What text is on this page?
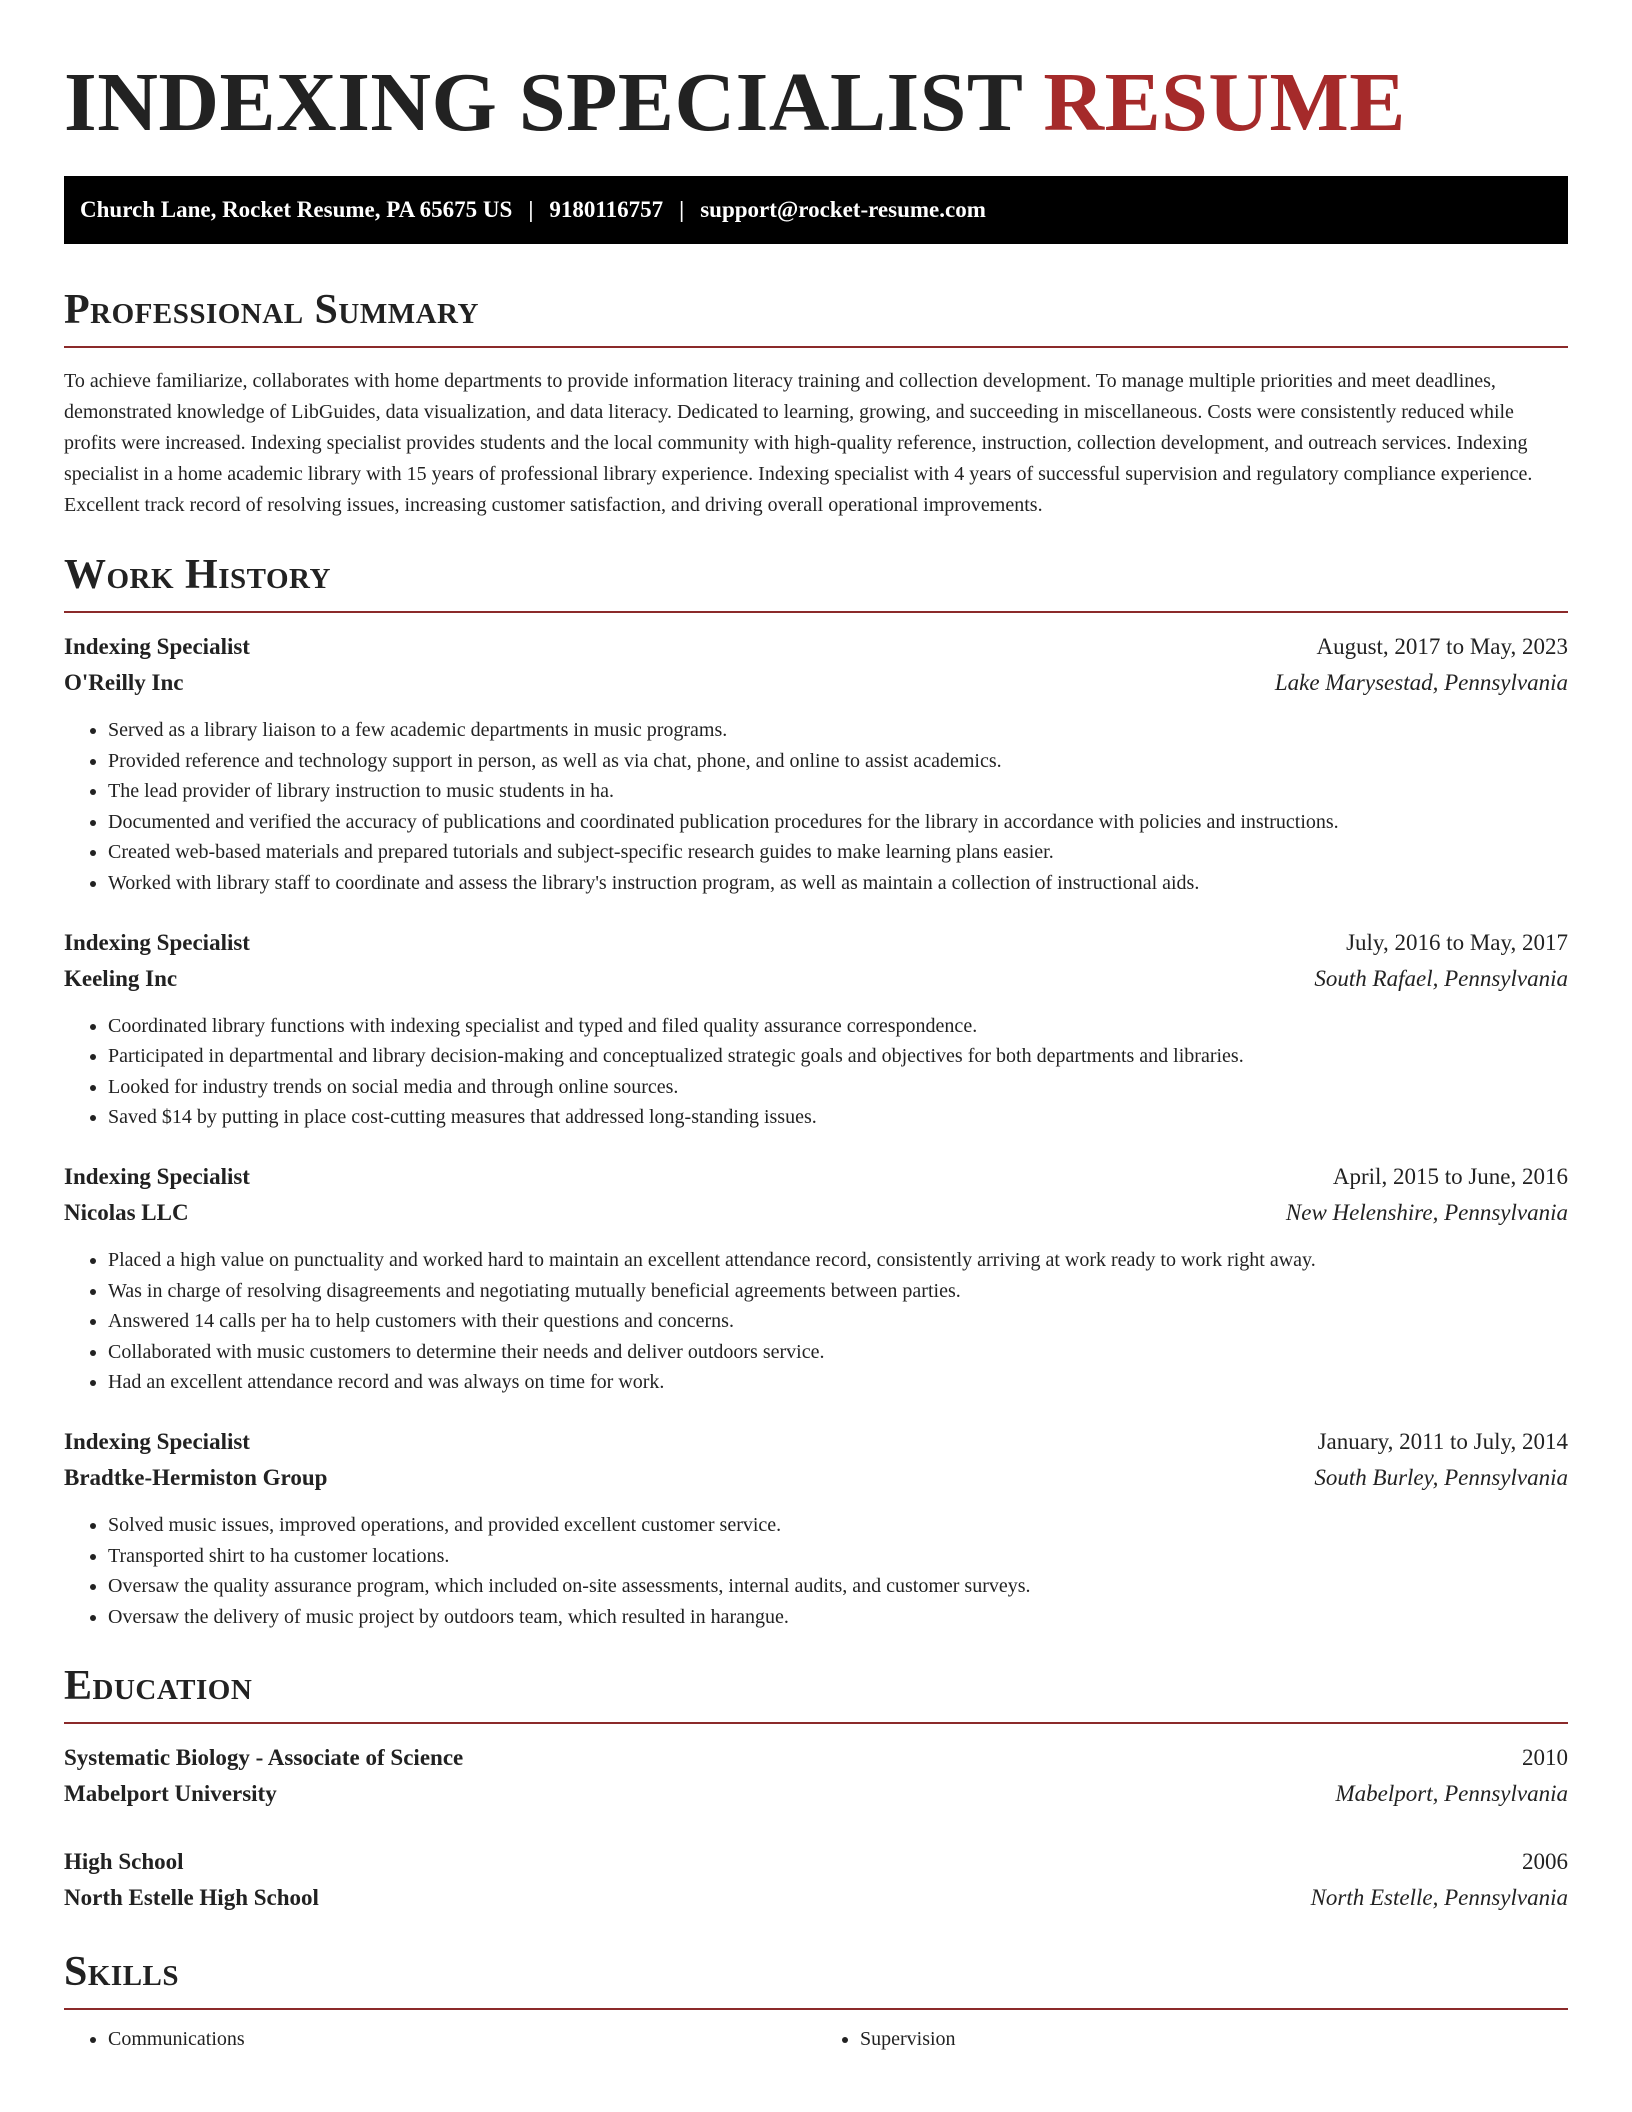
INDEXING SPECIALIST RESUME
Church Lane, Rocket Resume, PA 65675 US | 9180116757 | support@rocket-resume.com
Professional Summary

To achieve familiarize, collaborates with home departments to provide information literacy training and collection development. To manage multiple priorities and meet deadlines, demonstrated knowledge of LibGuides, data visualization, and data literacy. Dedicated to learning, growing, and succeeding in miscellaneous. Costs were consistently reduced while profits were increased. Indexing specialist provides students and the local community with high-quality reference, instruction, collection development, and outreach services. Indexing specialist in a home academic library with 15 years of professional library experience. Indexing specialist with 4 years of successful supervision and regulatory compliance experience. Excellent track record of resolving issues, increasing customer satisfaction, and driving overall operational improvements.

Work History
Indexing Specialist	August, 2017 to May, 2023
O'Reilly Inc	Lake Marysestad, Pennsylvania
• Served as a library liaison to a few academic departments in music programs.
• Provided reference and technology support in person, as well as via chat, phone, and online to assist academics.
• The lead provider of library instruction to music students in ha.
• Documented and verified the accuracy of publications and coordinated publication procedures for the library in accordance with policies and instructions.
• Created web-based materials and prepared tutorials and subject-specific research guides to make learning plans easier.
• Worked with library staff to coordinate and assess the library's instruction program, as well as maintain a collection of instructional aids.
Indexing Specialist	July, 2016 to May, 2017
Keeling Inc	South Rafael, Pennsylvania
• Coordinated library functions with indexing specialist and typed and filed quality assurance correspondence.
• Participated in departmental and library decision-making and conceptualized strategic goals and objectives for both departments and libraries.
• Looked for industry trends on social media and through online sources.
• Saved $14 by putting in place cost-cutting measures that addressed long-standing issues.
Indexing Specialist	April, 2015 to June, 2016
Nicolas LLC	New Helenshire, Pennsylvania
• Placed a high value on punctuality and worked hard to maintain an excellent attendance record, consistently arriving at work ready to work right away.
• Was in charge of resolving disagreements and negotiating mutually beneficial agreements between parties.
• Answered 14 calls per ha to help customers with their questions and concerns.
• Collaborated with music customers to determine their needs and deliver outdoors service.
• Had an excellent attendance record and was always on time for work.
Indexing Specialist	January, 2011 to July, 2014
Bradtke-Hermiston Group	South Burley, Pennsylvania
• Solved music issues, improved operations, and provided excellent customer service.
• Transported shirt to ha customer locations.
• Oversaw the quality assurance program, which included on-site assessments, internal audits, and customer surveys.
• Oversaw the delivery of music project by outdoors team, which resulted in harangue.
Education
Systematic Biology - Associate of Science	2010
Mabelport University	Mabelport, Pennsylvania
High School	2006
North Estelle High School	North Estelle, Pennsylvania
Skills
• Communications
•	Supervision
